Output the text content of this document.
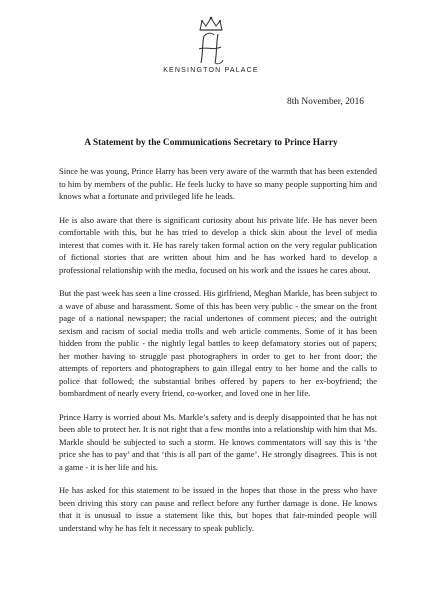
KENSINGTON PALACE
8th November, 2016
A Statement by the Communications Secretary to Prince Harry

Since he was young, Prince Harry has been very aware of the warmth that has been extended to him by members of the public. He feels lucky to have so many people supporting him and knows what a fortunate and privileged life he leads.

He is also aware that there is significant curiosity about his private life. He has never been comfortable with this, but he has tried to develop a thick skin about the level of media interest that comes with it. He has rarely taken formal action on the very regular publication of fictional stories that are written about him and he has worked hard to develop a professional relationship with the media, focused on his work and the issues he cares about.

But the past week has seen a line crossed. His girlfriend, Meghan Markle, has been subject to a wave of abuse and harassment. Some of this has been very public - the smear on the front page of a national newspaper; the racial undertones of comment pieces; and the outright sexism and racism of social media trolls and web article comments. Some of it has been hidden from the public - the nightly legal battles to keep defamatory stories out of papers; her mother having to struggle past photographers in order to get to her front door; the attempts of reporters and photographers to gain illegal entry to her home and the calls to police that followed; the substantial bribes offered by papers to her ex-boyfriend; the bombardment of nearly every friend, co-worker, and loved one in her life.

Prince Harry is worried about Ms. Markle’s safety and is deeply disappointed that he has not been able to protect her. It is not right that a few months into a relationship with him that Ms. Markle should be subjected to such a storm. He knows commentators will say this is ‘the price she has to pay’ and that ‘this is all part of the game’. He strongly disagrees. This is not a game - it is her life and his.

He has asked for this statement to be issued in the hopes that those in the press who have been driving this story can pause and reflect before any further damage is done. He knows that it is unusual to issue a statement like this, but hopes that fair-minded people will understand why he has felt it necessary to speak publicly.
